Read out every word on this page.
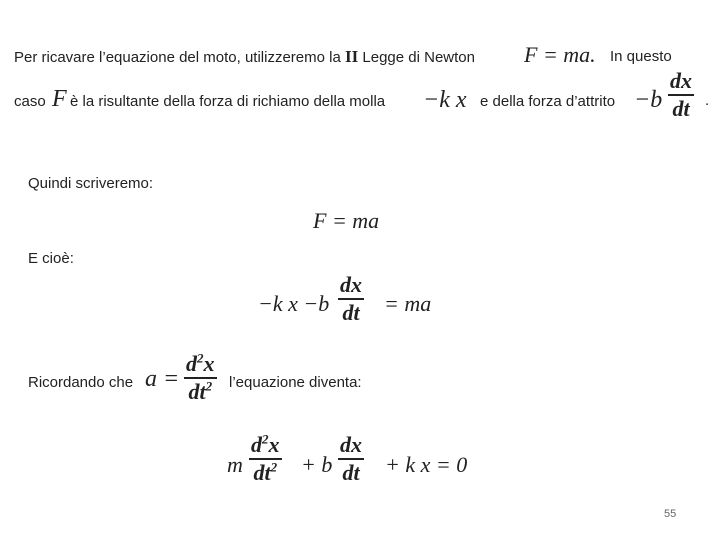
Per ricavare l’equazione del moto, utilizzeremo la II Legge di Newton F = ma. In questo
caso F è la risultante della forza di richiamo della molla −k x e della forza d’attrito −b
dx
dt .
Quindi scriveremo:
F = ma
E cioè:
−k x −b
dx
dt = ma
Ricordando che a =
$d^2x$
$dt^2$ l’equazione diventa:
m
$d^2x$
$dt^2 + b$
dx
dt + k x = 0
55
